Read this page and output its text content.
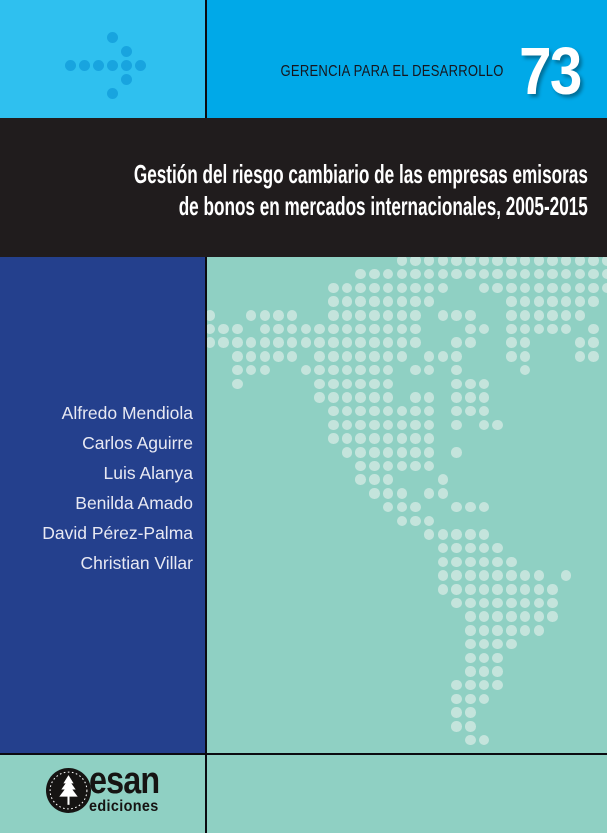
GERENCIA PARA EL DESARROLLO 73
Gestión del riesgo cambiario de las empresas emisoras
de bonos en mercados internacionales, 2005-2015
Alfredo Mendiola
Carlos Aguirre
Luis Alanya
Benilda Amado
David Pérez-Palma
Christian Villar
esan
ediciones
